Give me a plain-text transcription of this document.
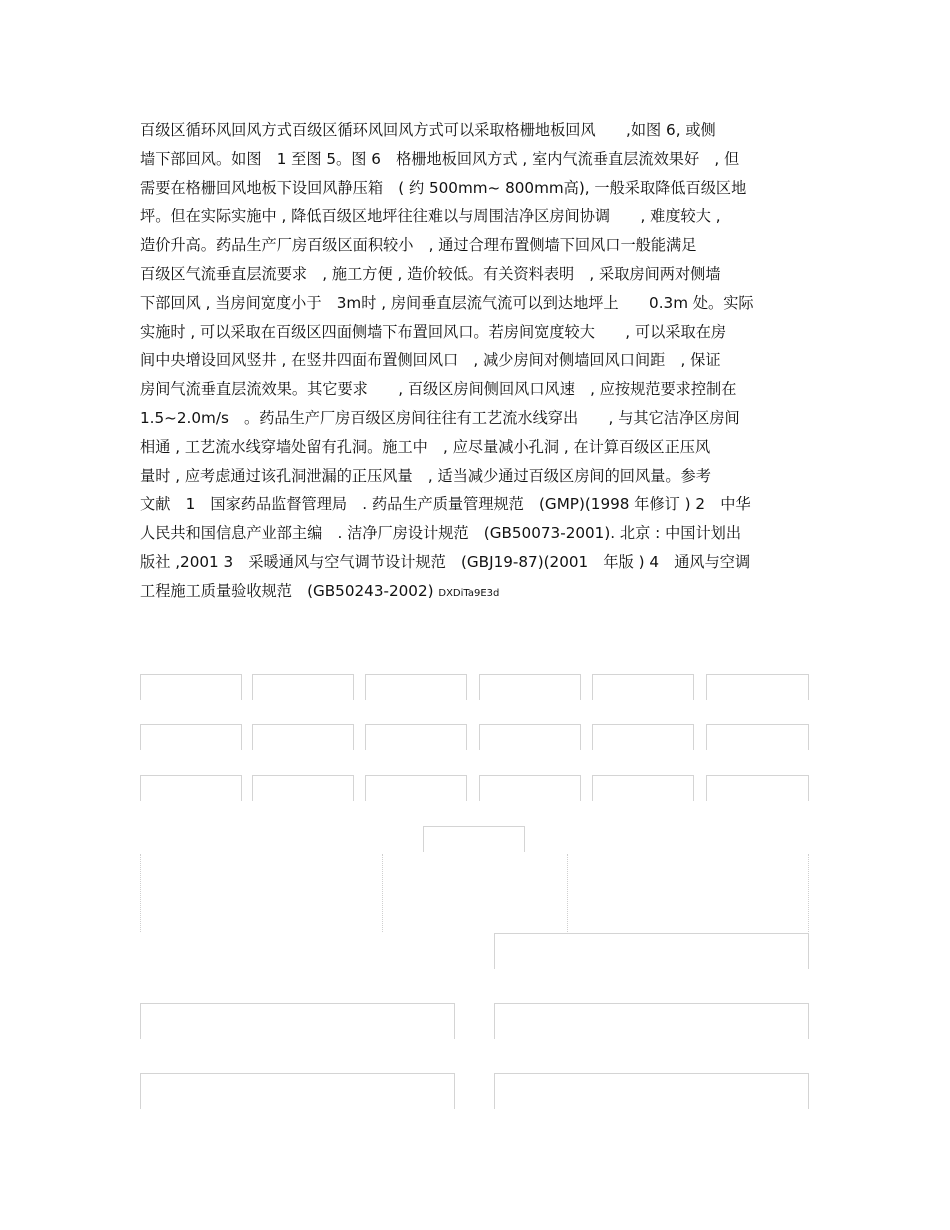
百级区循环风回风方式百级区循环风回风方式可以采取格栅地板回风　　,如图 6, 或侧
墙下部回风。如图　1 至图 5。图 6　格栅地板回风方式 , 室内气流垂直层流效果好　, 但
需要在格栅回风地板下设回风静压箱　( 约 500mm~ 800mm高), 一般采取降低百级区地
坪。但在实际实施中 , 降低百级区地坪往往难以与周围洁净区房间协调　　, 难度较大 ,
造价升高。药品生产厂房百级区面积较小　, 通过合理布置侧墙下回风口一般能满足
百级区气流垂直层流要求　, 施工方便 , 造价较低。有关资料表明　, 采取房间两对侧墙
下部回风 , 当房间宽度小于　3m时 , 房间垂直层流气流可以到达地坪上　　0.3m 处。实际
实施时 , 可以采取在百级区四面侧墙下布置回风口。若房间宽度较大　　, 可以采取在房
间中央增设回风竖井 , 在竖井四面布置侧回风口　, 减少房间对侧墙回风口间距　, 保证
房间气流垂直层流效果。其它要求　　, 百级区房间侧回风口风速　, 应按规范要求控制在
1.5~2.0m/s　。药品生产厂房百级区房间往往有工艺流水线穿出　　, 与其它洁净区房间
相通 , 工艺流水线穿墙处留有孔洞。施工中　, 应尽量减小孔洞 , 在计算百级区正压风
量时 , 应考虑通过该孔洞泄漏的正压风量　, 适当减少通过百级区房间的回风量。参考
文献　1　国家药品监督管理局　. 药品生产质量管理规范　(GMP)(1998 年修订 ) 2　中华
人民共和国信息产业部主编　. 洁净厂房设计规范　(GB50073-2001). 北京 : 中国计划出
版社 ,2001 3　采暖通风与空气调节设计规范　(GBJ19-87)(2001　年版 ) 4　通风与空调
工程施工质量验收规范　(GB50243-2002) DXDiTa9E3d
